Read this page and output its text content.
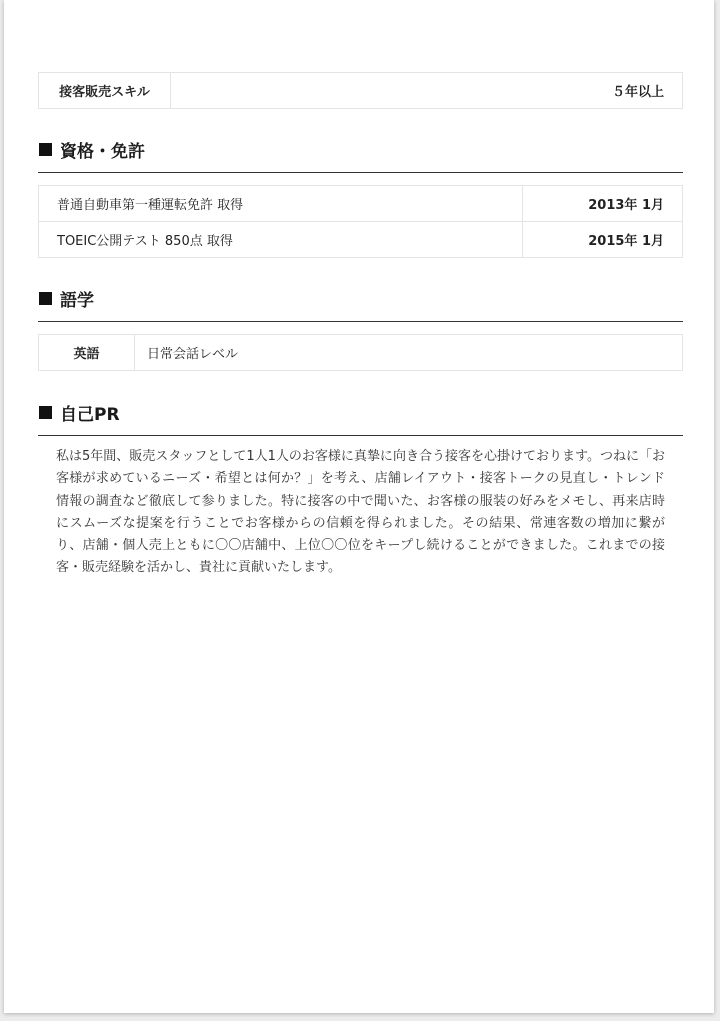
接客販売スキル	５年以上
資格・免許
普通自動車第一種運転免許 取得	2013年 1月
TOEIC公開テスト 850点 取得	2015年 1月
語学
英語	日常会話レベル
自己PR
私は5年間、販売スタッフとして1人1人のお客様に真摯に向き合う接客を心掛けております。つねに「お客様が求めているニーズ・希望とは何か？」を考え、店舗レイアウト・接客トークの見直し・トレンド情報の調査など徹底して参りました。特に接客の中で聞いた、お客様の服装の好みをメモし、再来店時にスムーズな提案を行うことでお客様からの信頼を得られました。その結果、常連客数の増加に繋がり、店舗・個人売上ともに〇〇店舗中、上位〇〇位をキープし続けることができました。これまでの接客・販売経験を活かし、貴社に貢献いたします。
